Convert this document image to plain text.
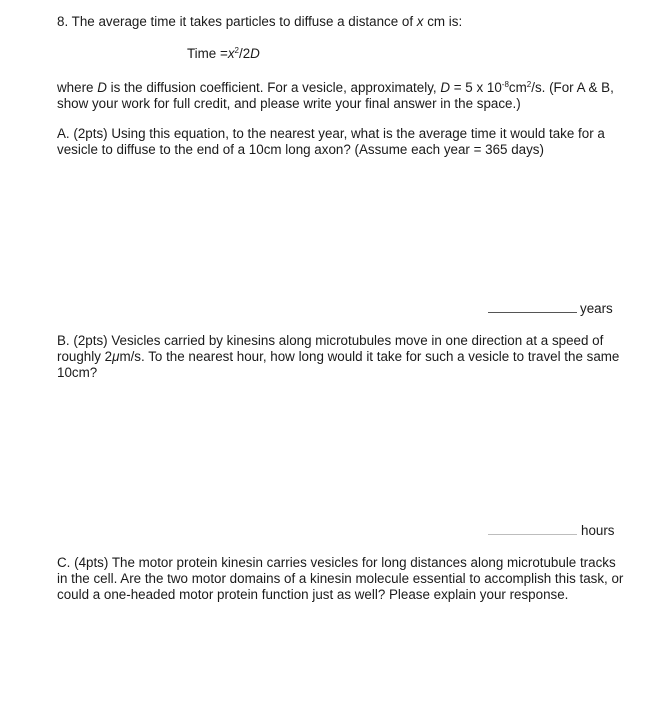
8. The average time it takes particles to diffuse a distance of x cm is:
Time $=x^2/2D$
where D is the diffusion coefficient. For a vesicle, approximately, D = 5 x $10^{-8}cm^2/s$. (For A & B,
show your work for full credit, and please write your final answer in the space.)
A. (2pts) Using this equation, to the nearest year, what is the average time it would take for a
vesicle to diffuse to the end of a 10cm long axon? (Assume each year = 365 days)
years
B. (2pts) Vesicles carried by kinesins along microtubules move in one direction at a speed of
roughly 2μm/s. To the nearest hour, how long would it take for such a vesicle to travel the same
10cm?
hours
C. (4pts) The motor protein kinesin carries vesicles for long distances along microtubule tracks
in the cell. Are the two motor domains of a kinesin molecule essential to accomplish this task, or
could a one-headed motor protein function just as well? Please explain your response.
